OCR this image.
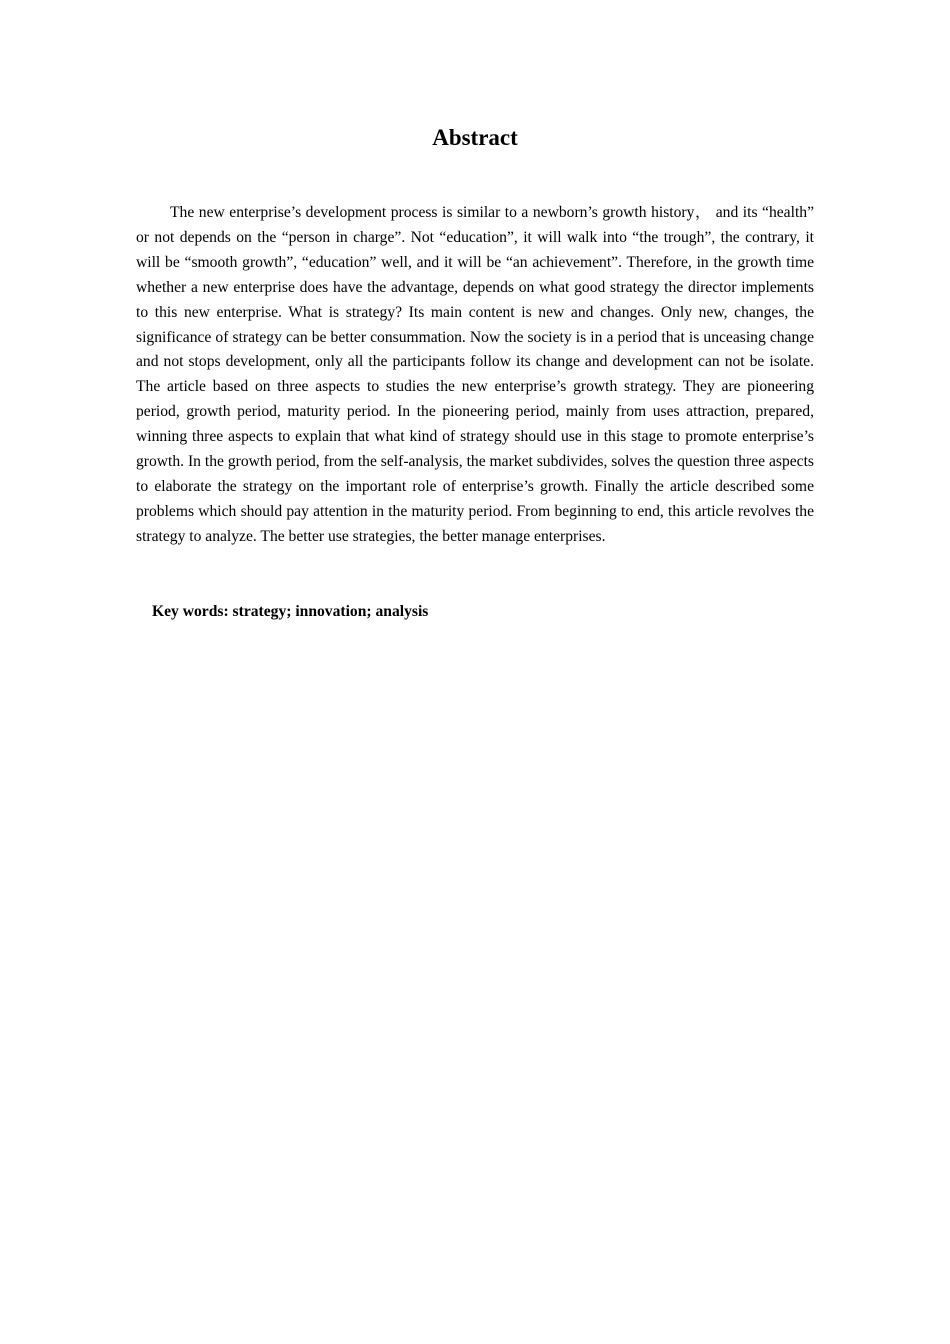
Abstract

The new enterprise’s development process is similar to a newborn’s growth history， and its “health” or not depends on the “person in charge”. Not “education”, it will walk into “the trough”, the contrary, it will be “smooth growth”, “education” well, and it will be “an achievement”. Therefore, in the growth time whether a new enterprise does have the advantage, depends on what good strategy the director implements to this new enterprise. What is strategy? Its main content is new and changes. Only new, changes, the significance of strategy can be better consummation. Now the society is in a period that is unceasing change and not stops development, only all the participants follow its change and development can not be isolate. The article based on three aspects to studies the new enterprise’s growth strategy. They are pioneering period, growth period, maturity period. In the pioneering period, mainly from uses attraction, prepared, winning three aspects to explain that what kind of strategy should use in this stage to promote enterprise’s growth. In the growth period, from the self-analysis, the market subdivides, solves the question three aspects to elaborate the strategy on the important role of enterprise’s growth. Finally the article described some problems which should pay attention in the maturity period. From beginning to end, this article revolves the strategy to analyze. The better use strategies, the better manage enterprises.

Key words: strategy; innovation; analysis
